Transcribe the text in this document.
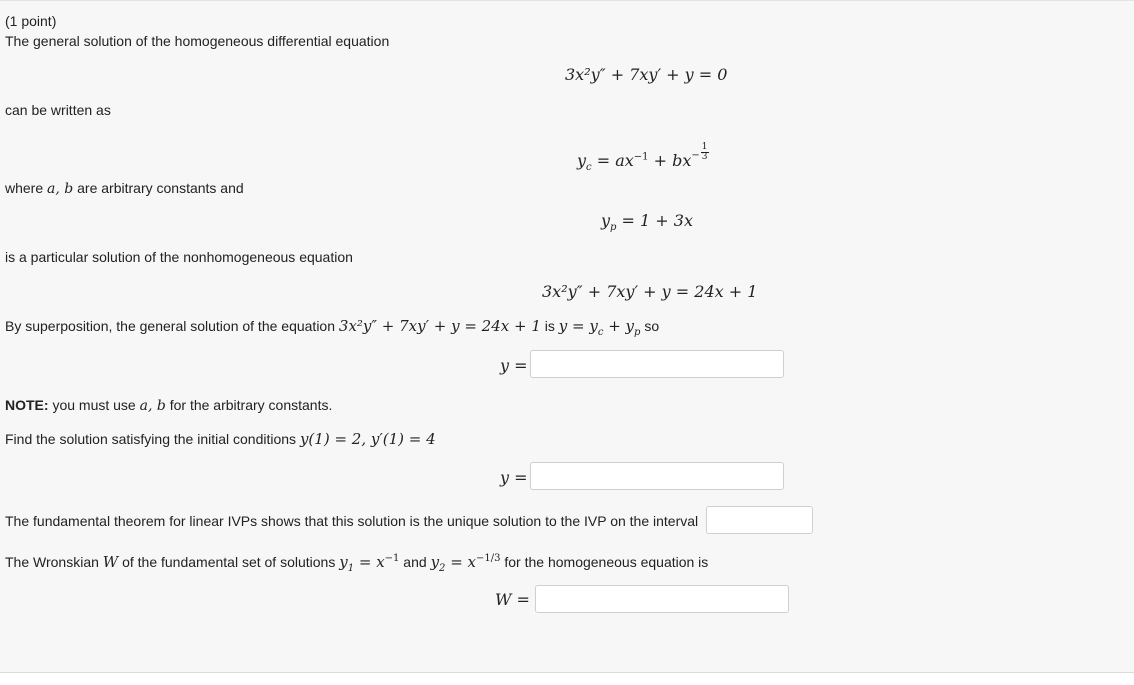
(1 point)
The general solution of the homogeneous differential equation
3x²y″ + 7xy′ + y = 0
can be written as
$y_c = ax^{-1} + bx^- \frac{1}{3}$
where a, b are arbitrary constants and
$y_p = 1 + 3x$
is a particular solution of the nonhomogeneous equation
3x²y″ + 7xy′ + y = 24x + 1
By superposition, the general solution of the equation 3x²y″ + 7xy′ + y = 24x + 1 is $y = y_c + y_p$ so
y =
NOTE: you must use a, b for the arbitrary constants.
Find the solution satisfying the initial conditions y(1) = 2, y′(1) = 4
y =
The fundamental theorem for linear IVPs shows that this solution is the unique solution to the IVP on the interval
The Wronskian W of the fundamental set of solutions $y_1 = x^{-1}$ and $y_2 = x^{-1/3}$ for the homogeneous equation is
W =
